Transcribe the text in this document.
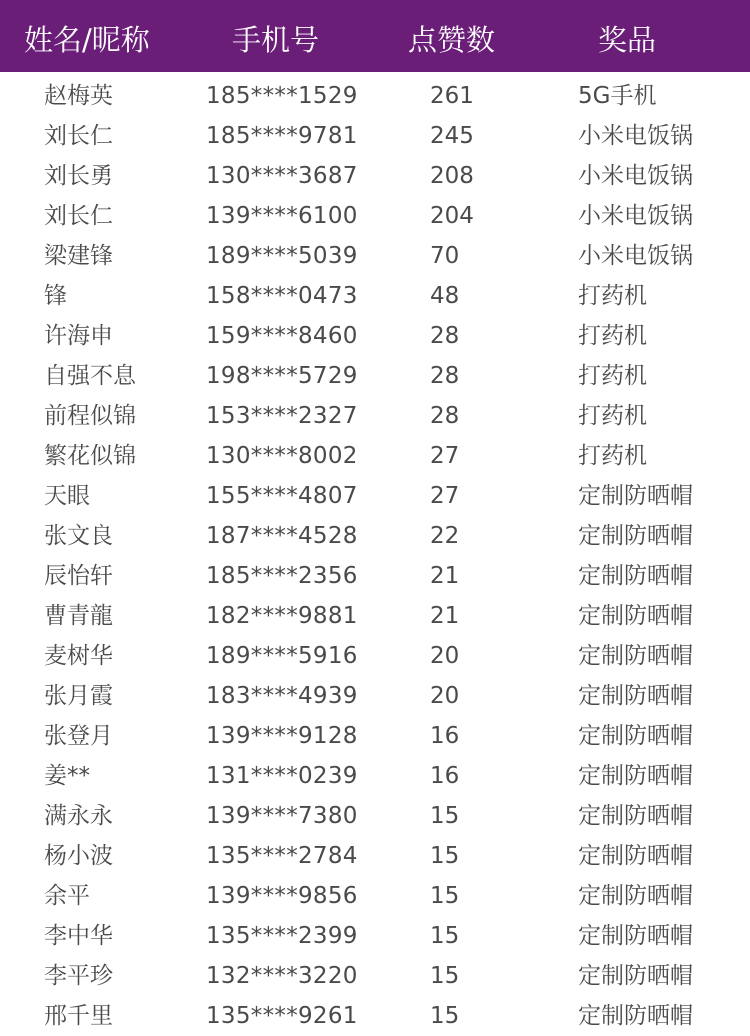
姓名/昵称	手机号	点赞数	奖品
赵梅英	185****1529	261	5G手机
刘长仁	185****9781	245	小米电饭锅
刘长勇	130****3687	208	小米电饭锅
刘长仁	139****6100	204	小米电饭锅
梁建锋	189****5039	70	小米电饭锅
锋	158****0473	48	打药机
许海申	159****8460	28	打药机
自强不息	198****5729	28	打药机
前程似锦	153****2327	28	打药机
繁花似锦	130****8002	27	打药机
天眼	155****4807	27	定制防晒帽
张文良	187****4528	22	定制防晒帽
辰怡轩	185****2356	21	定制防晒帽
曹青龍	182****9881	21	定制防晒帽
麦树华	189****5916	20	定制防晒帽
张月霞	183****4939	20	定制防晒帽
张登月	139****9128	16	定制防晒帽
姜**	131****0239	16	定制防晒帽
满永永	139****7380	15	定制防晒帽
杨小波	135****2784	15	定制防晒帽
余平	139****9856	15	定制防晒帽
李中华	135****2399	15	定制防晒帽
李平珍	132****3220	15	定制防晒帽
邢千里	135****9261	15	定制防晒帽
